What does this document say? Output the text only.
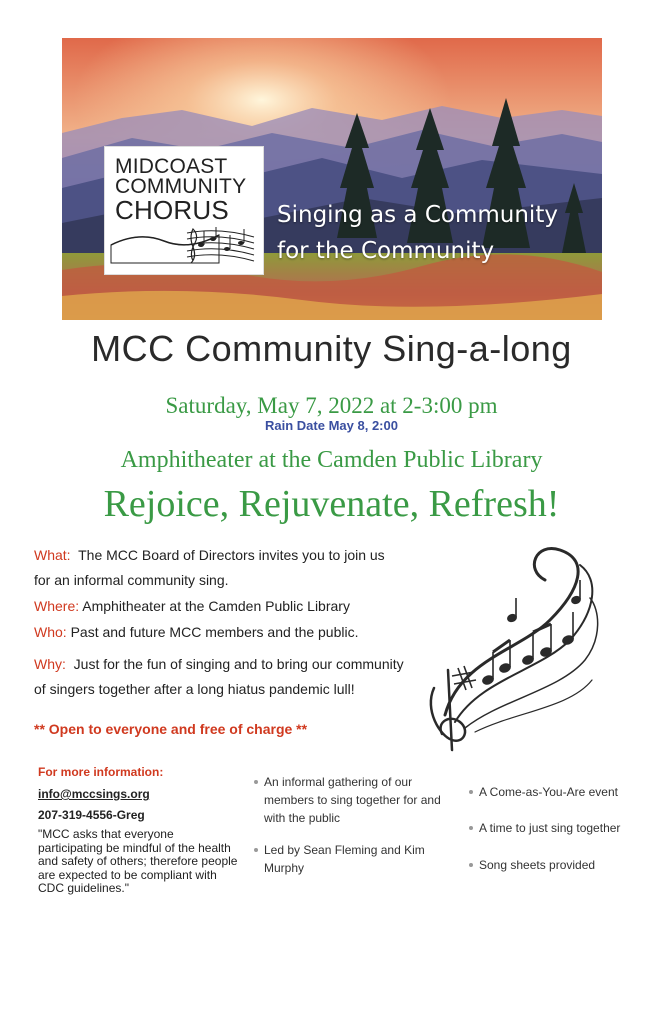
MIDCOAST
COMMUNITY
CHORUS	Singing as a Community
for the Community
MCC Community Sing-a-long
Saturday, May 7, 2022 at 2-3:00 pm
Rain Date May 8, 2:00
Amphitheater at the Camden Public Library
Rejoice, Rejuvenate, Refresh!
What: The MCC Board of Directors invites you to join us for an informal community sing.
Where: Amphitheater at the Camden Public Library
Who: Past and future MCC members and the public.
Why: Just for the fun of singing and to bring our community of singers together after a long hiatus pandemic lull!
** Open to everyone and free of charge **
For more information:
info@mccsings.org
207-319-4556-Greg
"MCC asks that everyone participating be mindful of the health and safety of others; therefore people are expected to be compliant with CDC guidelines."
An informal gathering of our members to sing together for and with the public
Led by Sean Fleming and Kim Murphy
A Come-as-You-Are event
A time to just sing together
Song sheets provided
